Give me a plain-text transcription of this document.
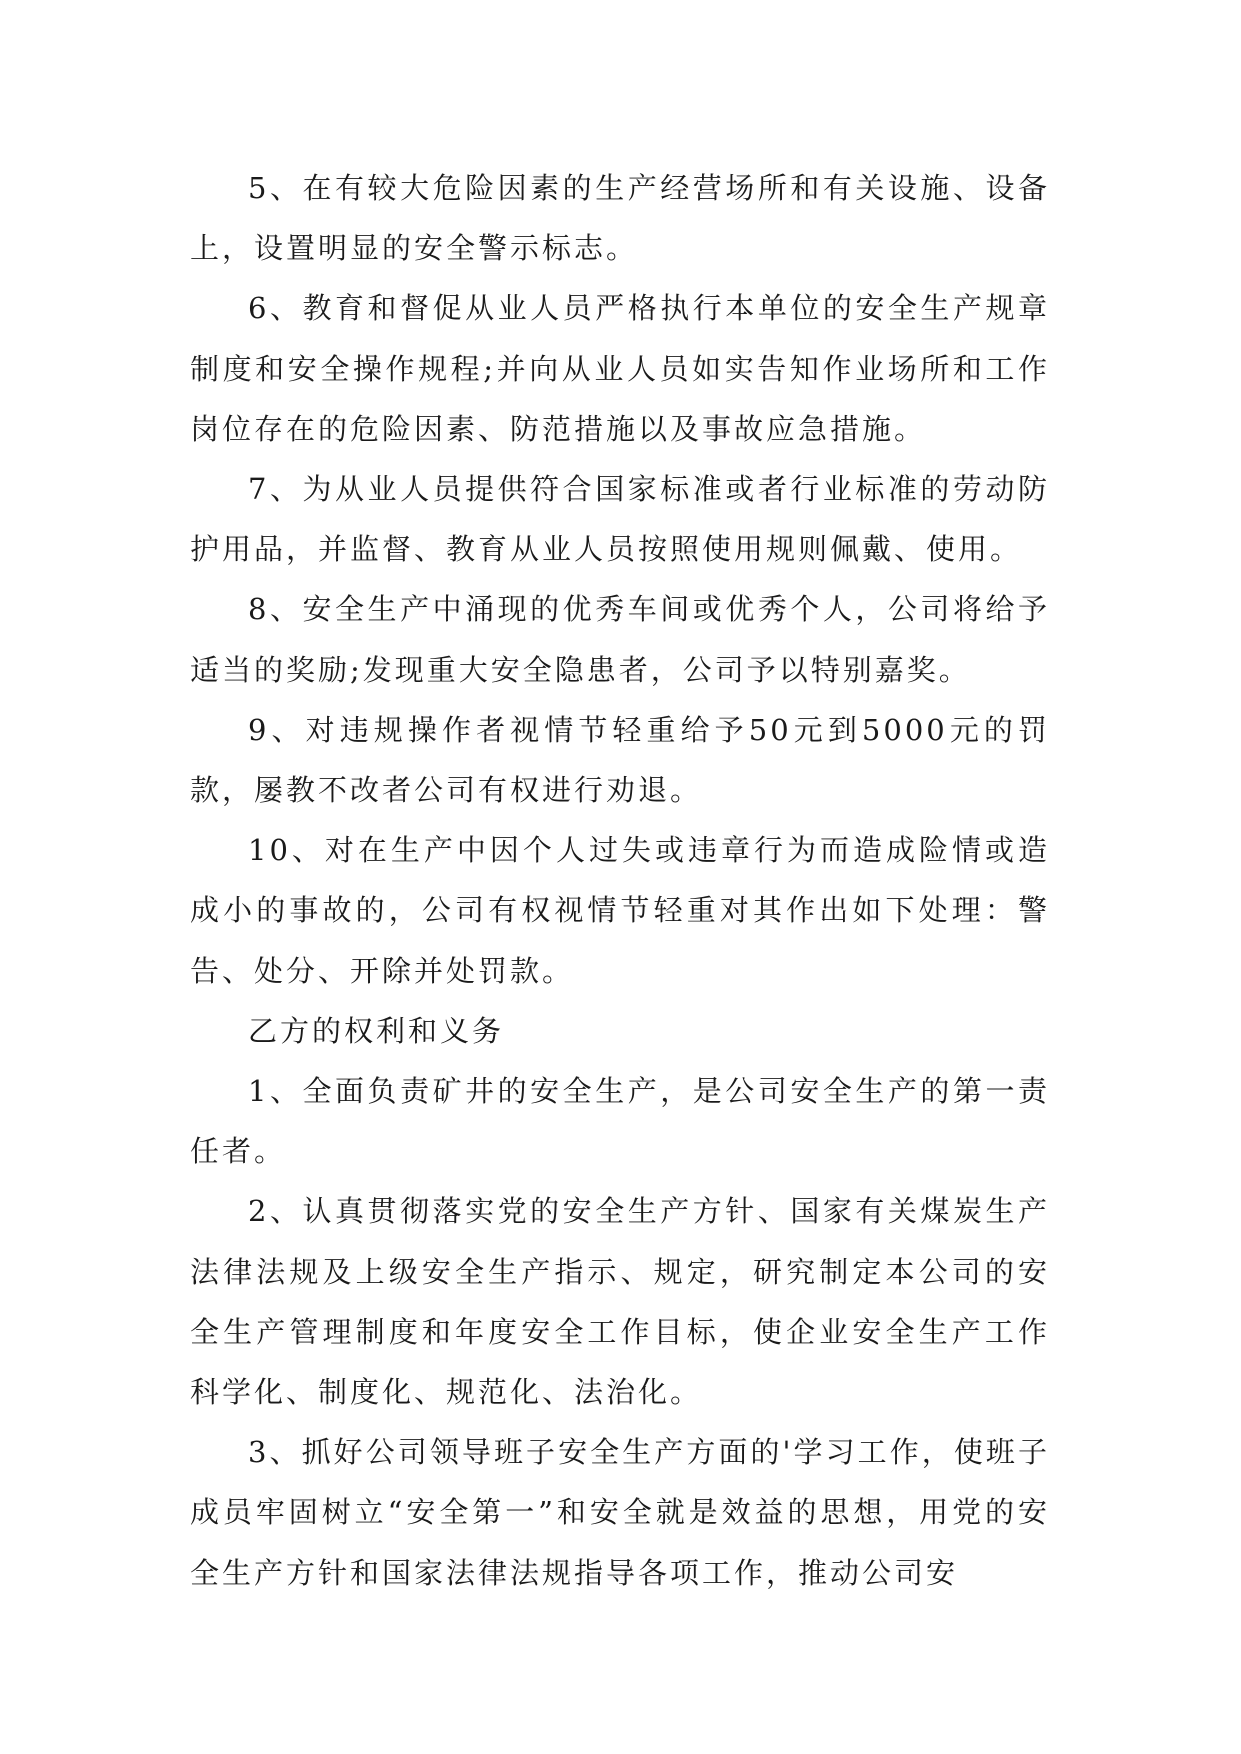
5、在有较大危险因素的生产经营场所和有关设施、设备上，设置明显的安全警示标志。

6、教育和督促从业人员严格执行本单位的安全生产规章制度和安全操作规程;并向从业人员如实告知作业场所和工作岗位存在的危险因素、防范措施以及事故应急措施。

7、为从业人员提供符合国家标准或者行业标准的劳动防护用品，并监督、教育从业人员按照使用规则佩戴、使用。

8、安全生产中涌现的优秀车间或优秀个人，公司将给予适当的奖励;发现重大安全隐患者，公司予以特别嘉奖。

9、对违规操作者视情节轻重给予50元到5000元的罚款，屡教不改者公司有权进行劝退。

10、对在生产中因个人过失或违章行为而造成险情或造成小的事故的，公司有权视情节轻重对其作出如下处理：警告、处分、开除并处罚款。

乙方的权利和义务

1、全面负责矿井的安全生产，是公司安全生产的第一责任者。

2、认真贯彻落实党的安全生产方针、国家有关煤炭生产法律法规及上级安全生产指示、规定，研究制定本公司的安全生产管理制度和年度安全工作目标，使企业安全生产工作科学化、制度化、规范化、法治化。

3、抓好公司领导班子安全生产方面的'学习工作，使班子成员牢固树立“安全第一”和安全就是效益的思想，用党的安全生产方针和国家法律法规指导各项工作，推动公司安
